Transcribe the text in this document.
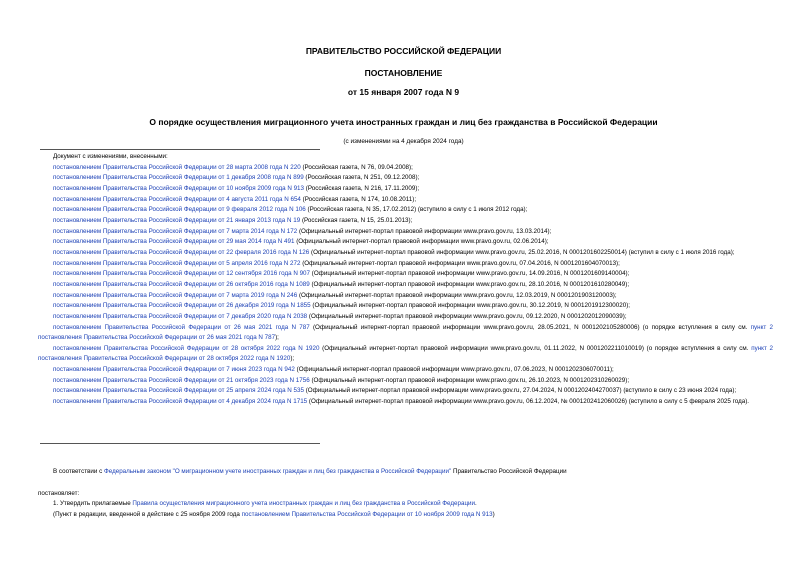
ПРАВИТЕЛЬСТВО РОССИЙСКОЙ ФЕДЕРАЦИИ
ПОСТАНОВЛЕНИЕ
от 15 января 2007 года N 9
О порядке осуществления миграционного учета иностранных граждан и лиц без гражданства в Российской Федерации
(с изменениями на 4 декабря 2024 года)

Документ с изменениями, внесенными:

постановлением Правительства Российской Федерации от 28 марта 2008 года N 220 (Российская газета, N 76, 09.04.2008);

постановлением Правительства Российской Федерации от 1 декабря 2008 года N 899 (Российская газета, N 251, 09.12.2008);

постановлением Правительства Российской Федерации от 10 ноября 2009 года N 913 (Российская газета, N 216, 17.11.2009);

постановлением Правительства Российской Федерации от 4 августа 2011 года N 654 (Российская газета, N 174, 10.08.2011);

постановлением Правительства Российской Федерации от 9 февраля 2012 года N 106 (Российская газета, N 35, 17.02.2012) (вступило в силу с 1 июля 2012 года);

постановлением Правительства Российской Федерации от 21 января 2013 года N 19 (Российская газета, N 15, 25.01.2013);

постановлением Правительства Российской Федерации от 7 марта 2014 года N 172 (Официальный интернет-портал правовой информации www.pravo.gov.ru, 13.03.2014);

постановлением Правительства Российской Федерации от 29 мая 2014 года N 491 (Официальный интернет-портал правовой информации www.pravo.gov.ru, 02.06.2014);

постановлением Правительства Российской Федерации от 22 февраля 2016 года N 126 (Официальный интернет-портал правовой информации www.pravo.gov.ru, 25.02.2016, N 0001201602250014) (вступил в силу с 1 июля 2016 года);

постановлением Правительства Российской Федерации от 5 апреля 2016 года N 272 (Официальный интернет-портал правовой информации www.pravo.gov.ru, 07.04.2016, N 0001201604070013);

постановлением Правительства Российской Федерации от 12 сентября 2016 года N 907 (Официальный интернет-портал правовой информации www.pravo.gov.ru, 14.09.2016, N 0001201609140004);

постановлением Правительства Российской Федерации от 26 октября 2016 года N 1089 (Официальный интернет-портал правовой информации www.pravo.gov.ru, 28.10.2016, N 0001201610280049);

постановлением Правительства Российской Федерации от 7 марта 2019 года N 246 (Официальный интернет-портал правовой информации www.pravo.gov.ru, 12.03.2019, N 0001201903120003);

постановлением Правительства Российской Федерации от 26 декабря 2019 года N 1855 (Официальный интернет-портал правовой информации www.pravo.gov.ru, 30.12.2019, N 0001201912300020);

постановлением Правительства Российской Федерации от 7 декабря 2020 года N 2038 (Официальный интернет-портал правовой информации www.pravo.gov.ru, 09.12.2020, N 0001202012090039);

постановлением Правительства Российской Федерации от 26 мая 2021 года N 787 (Официальный интернет-портал правовой информации www.pravo.gov.ru, 28.05.2021, N 0001202105280006) (о порядке вступления в силу см. пункт 2 постановления Правительства Российской Федерации от 26 мая 2021 года N 787);

постановлением Правительства Российской Федерации от 28 октября 2022 года N 1920 (Официальный интернет-портал правовой информации www.pravo.gov.ru, 01.11.2022, N 0001202211010019) (о порядке вступления в силу см. пункт 2 постановления Правительства Российской Федерации от 28 октября 2022 года N 1920);

постановлением Правительства Российской Федерации от 7 июня 2023 года N 942 (Официальный интернет-портал правовой информации www.pravo.gov.ru, 07.06.2023, N 0001202306070011);

постановлением Правительства Российской Федерации от 21 октября 2023 года N 1756 (Официальный интернет-портал правовой информации www.pravo.gov.ru, 26.10.2023, N 0001202310260029);

постановлением Правительства Российской Федерации от 25 апреля 2024 года N 535 (Официальный интернет-портал правовой информации www.pravo.gov.ru, 27.04.2024, N 0001202404270037) (вступило в силу с 23 июня 2024 года);

постановлением Правительства Российской Федерации от 4 декабря 2024 года N 1715 (Официальный интернет-портал правовой информации www.pravo.gov.ru, 06.12.2024, № 0001202412060026) (вступило в силу с 5 февраля 2025 года).

В соответствии с Федеральным законом "О миграционном учете иностранных граждан и лиц без гражданства в Российской Федерации" Правительство Российской Федерации

постановляет:

1. Утвердить прилагаемые Правила осуществления миграционного учета иностранных граждан и лиц без гражданства в Российской Федерации.

(Пункт в редакции, введенной в действие с 25 ноября 2009 года постановлением Правительства Российской Федерации от 10 ноября 2009 года N 913)
